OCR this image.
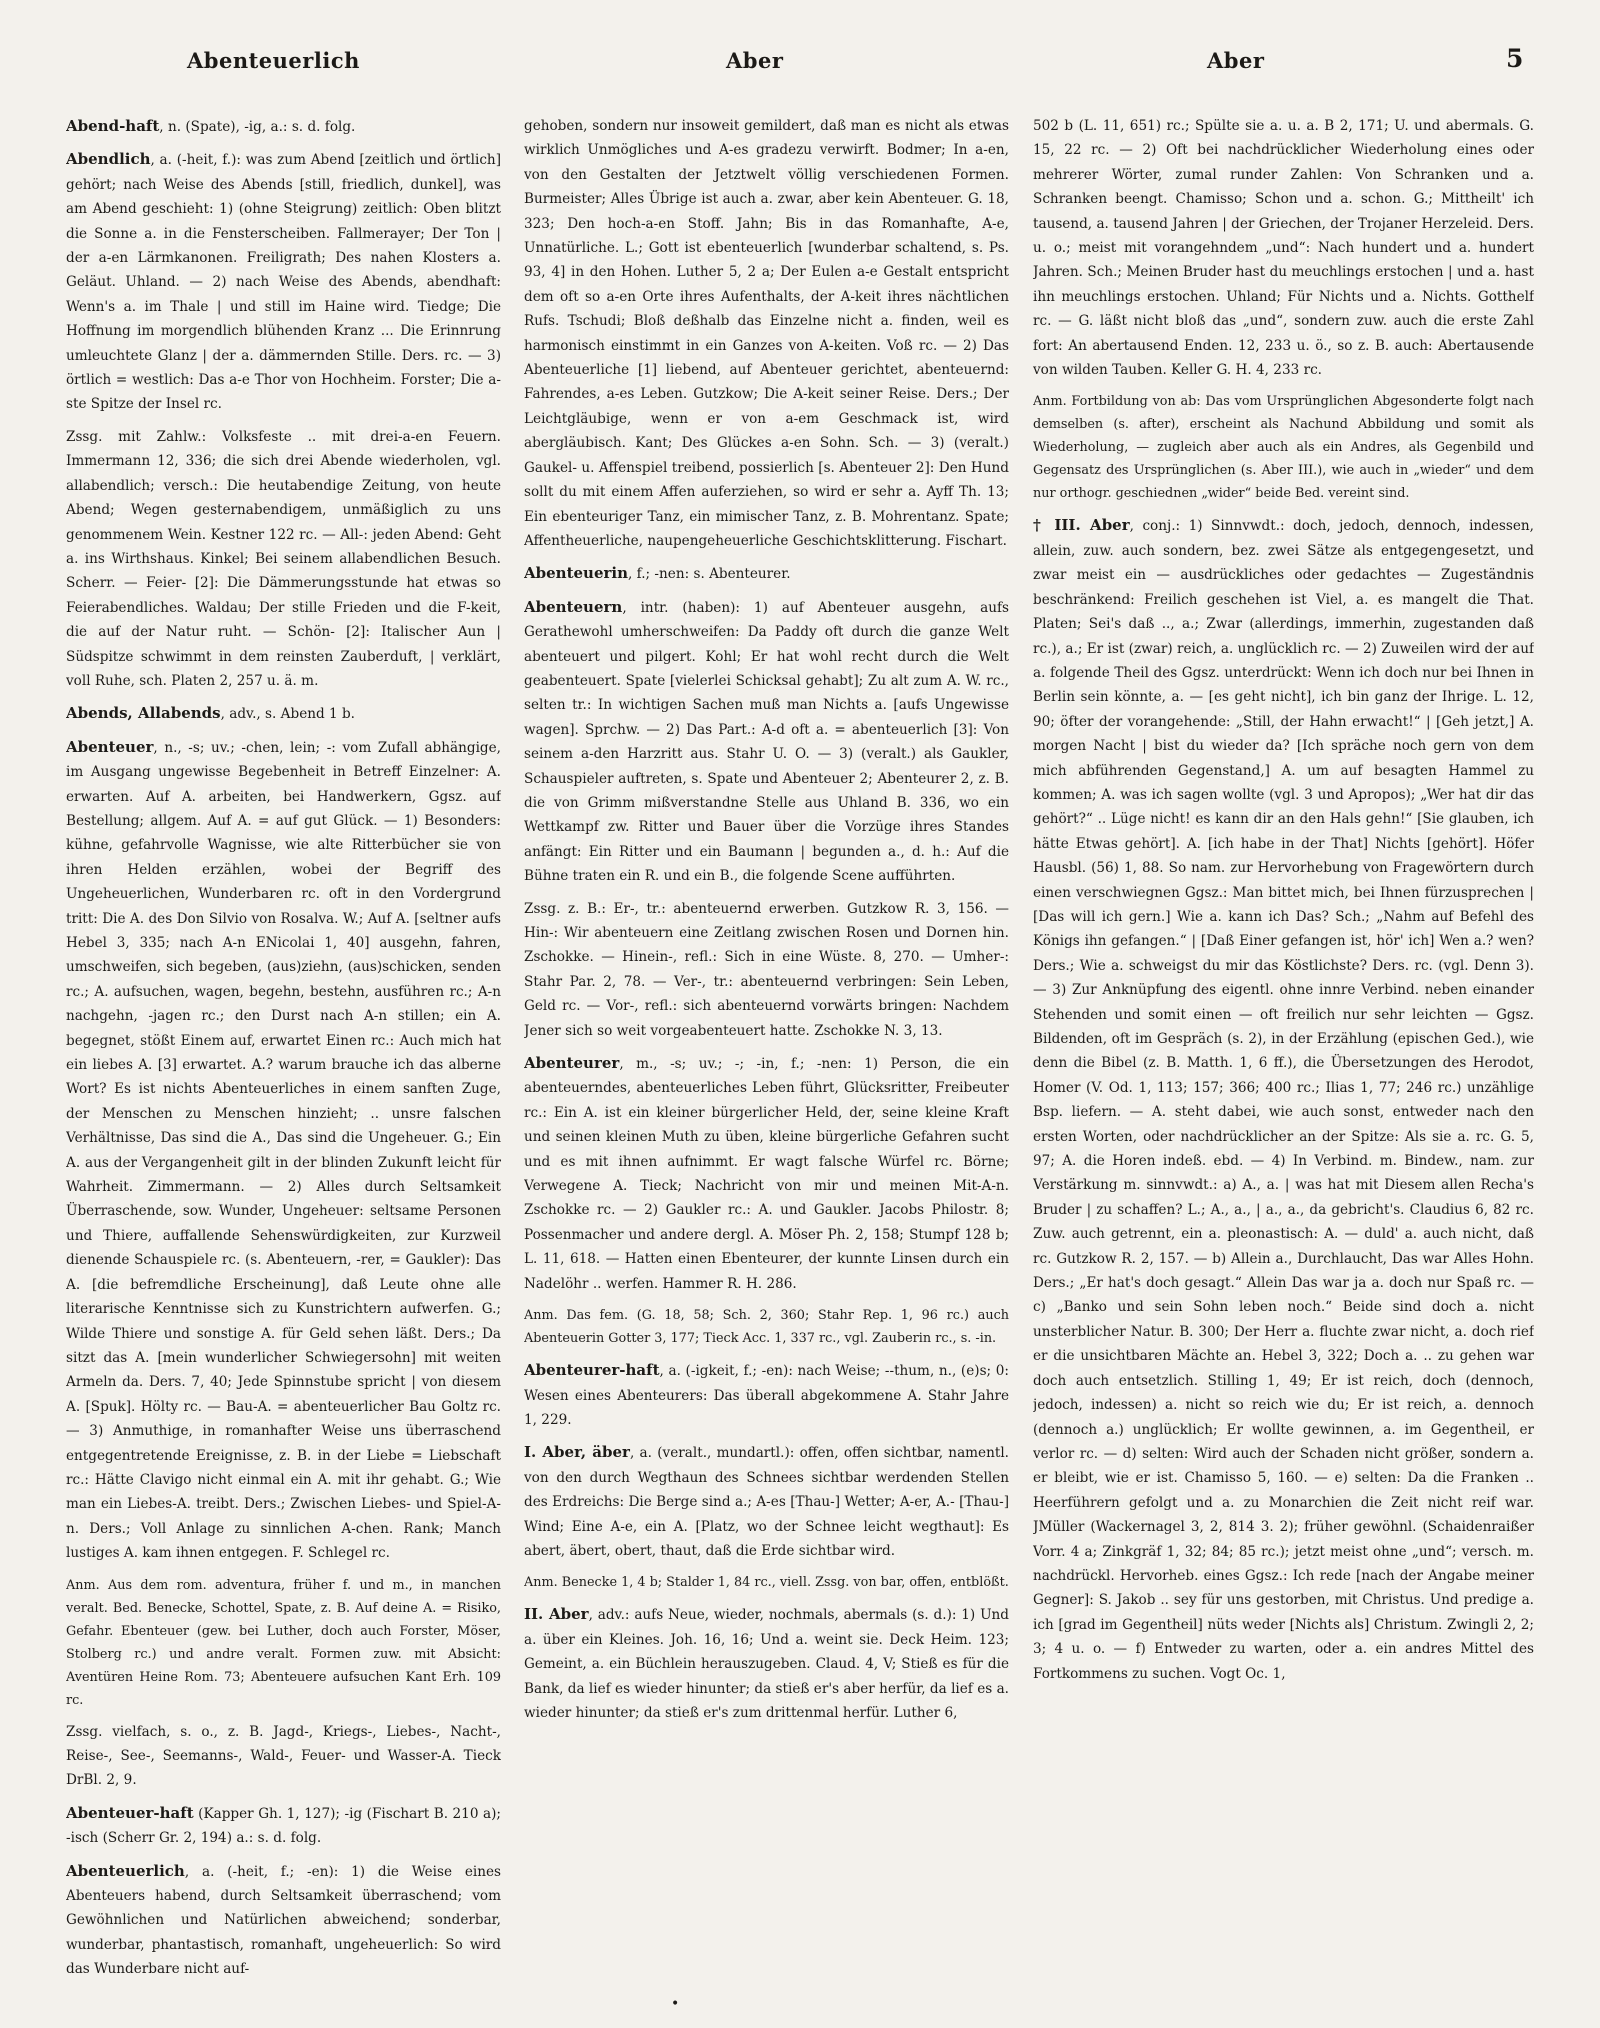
Abenteuerlich	Aber	Aber	5

Abend-haft, n. (Spate), -ig, a.: s. d. folg.

Abendlich, a. (-heit, f.): was zum Abend [zeitlich und örtlich] gehört; nach Weise des Abends [still, friedlich, dunkel], was am Abend geschieht: 1) (ohne Steigrung) zeitlich: Oben blitzt die Sonne a. in die Fensterscheiben. Fallmerayer; Der Ton | der a-en Lärmkanonen. Freiligrath; Des nahen Klosters a. Geläut. Uhland. — 2) nach Weise des Abends, abendhaft: Wenn's a. im Thale | und still im Haine wird. Tiedge; Die Hoffnung im morgendlich blühenden Kranz ... Die Erinnrung umleuchtete Glanz | der a. dämmernden Stille. Ders. rc. — 3) örtlich = westlich: Das a-e Thor von Hochheim. Forster; Die a-ste Spitze der Insel rc.

Zssg. mit Zahlw.: Volksfeste .. mit drei-a-en Feuern. Immermann 12, 336; die sich drei Abende wiederholen, vgl. allabendlich; versch.: Die heutabendige Zeitung, von heute Abend; Wegen gesternabendigem, unmäßiglich zu uns genommenem Wein. Kestner 122 rc. — All-: jeden Abend: Geht a. ins Wirthshaus. Kinkel; Bei seinem allabendlichen Besuch. Scherr. — Feier- [2]: Die Dämmerungsstunde hat etwas so Feierabendliches. Waldau; Der stille Frieden und die F-keit, die auf der Natur ruht. — Schön- [2]: Italischer Aun | Südspitze schwimmt in dem reinsten Zauberduft, | verklärt, voll Ruhe, sch. Platen 2, 257 u. ä. m.

Abends, Allabends, adv., s. Abend 1 b.

Abenteuer, n., -s; uv.; -chen, lein; -: vom Zufall abhängige, im Ausgang ungewisse Begebenheit in Betreff Einzelner: A. erwarten. Auf A. arbeiten, bei Handwerkern, Ggsz. auf Bestellung; allgem. Auf A. = auf gut Glück. — 1) Besonders: kühne, gefahrvolle Wagnisse, wie alte Ritterbücher sie von ihren Helden erzählen, wobei der Begriff des Ungeheuerlichen, Wunderbaren rc. oft in den Vordergrund tritt: Die A. des Don Silvio von Rosalva. W.; Auf A. [seltner aufs Hebel 3, 335; nach A-n ENicolai 1, 40] ausgehn, fahren, umschweifen, sich begeben, (aus)ziehn, (aus)schicken, senden rc.; A. aufsuchen, wagen, begehn, bestehn, ausführen rc.; A-n nachgehn, -jagen rc.; den Durst nach A-n stillen; ein A. begegnet, stößt Einem auf, erwartet Einen rc.: Auch mich hat ein liebes A. [3] erwartet. A.? warum brauche ich das alberne Wort? Es ist nichts Abenteuerliches in einem sanften Zuge, der Menschen zu Menschen hinzieht; .. unsre falschen Verhältnisse, Das sind die A., Das sind die Ungeheuer. G.; Ein A. aus der Vergangenheit gilt in der blinden Zukunft leicht für Wahrheit. Zimmermann. — 2) Alles durch Seltsamkeit Überraschende, sow. Wunder, Ungeheuer: seltsame Personen und Thiere, auffallende Sehenswürdigkeiten, zur Kurzweil dienende Schauspiele rc. (s. Abenteuern, -rer, = Gaukler): Das A. [die befremdliche Erscheinung], daß Leute ohne alle literarische Kenntnisse sich zu Kunstrichtern aufwerfen. G.; Wilde Thiere und sonstige A. für Geld sehen läßt. Ders.; Da sitzt das A. [mein wunderlicher Schwiegersohn] mit weiten Armeln da. Ders. 7, 40; Jede Spinnstube spricht | von diesem A. [Spuk]. Hölty rc. — Bau-A. = abenteuerlicher Bau Goltz rc. — 3) Anmuthige, in romanhafter Weise uns überraschend entgegentretende Ereignisse, z. B. in der Liebe = Liebschaft rc.: Hätte Clavigo nicht einmal ein A. mit ihr gehabt. G.; Wie man ein Liebes-A. treibt. Ders.; Zwischen Liebes- und Spiel-A-n. Ders.; Voll Anlage zu sinnlichen A-chen. Rank; Manch lustiges A. kam ihnen entgegen. F. Schlegel rc.

Anm. Aus dem rom. adventura, früher f. und m., in manchen veralt. Bed. Benecke, Schottel, Spate, z. B. Auf deine A. = Risiko, Gefahr. Ebenteuer (gew. bei Luther, doch auch Forster, Möser, Stolberg rc.) und andre veralt. Formen zuw. mit Absicht: Aventüren Heine Rom. 73; Abenteuere aufsuchen Kant Erh. 109 rc.

Zssg. vielfach, s. o., z. B. Jagd-, Kriegs-, Liebes-, Nacht-, Reise-, See-, Seemanns-, Wald-, Feuer- und Wasser-A. Tieck DrBl. 2, 9.

Abenteuer-haft (Kapper Gh. 1, 127); -ig (Fischart B. 210 a); -isch (Scherr Gr. 2, 194) a.: s. d. folg.

Abenteuerlich, a. (-heit, f.; -en): 1) die Weise eines Abenteuers habend, durch Seltsamkeit überraschend; vom Gewöhnlichen und Natürlichen abweichend; sonderbar, wunderbar, phantastisch, romanhaft, ungeheuerlich: So wird das Wunderbare nicht auf-

gehoben, sondern nur insoweit gemildert, daß man es nicht als etwas wirklich Unmögliches und A-es gradezu verwirft. Bodmer; In a-en, von den Gestalten der Jetztwelt völlig verschiedenen Formen. Burmeister; Alles Übrige ist auch a. zwar, aber kein Abenteuer. G. 18, 323; Den hoch-a-en Stoff. Jahn; Bis in das Romanhafte, A-e, Unnatürliche. L.; Gott ist ebenteuerlich [wunderbar schaltend, s. Ps. 93, 4] in den Hohen. Luther 5, 2 a; Der Eulen a-e Gestalt entspricht dem oft so a-en Orte ihres Aufenthalts, der A-keit ihres nächtlichen Rufs. Tschudi; Bloß deßhalb das Einzelne nicht a. finden, weil es harmonisch einstimmt in ein Ganzes von A-keiten. Voß rc. — 2) Das Abenteuerliche [1] liebend, auf Abenteuer gerichtet, abenteuernd: Fahrendes, a-es Leben. Gutzkow; Die A-keit seiner Reise. Ders.; Der Leichtgläubige, wenn er von a-em Geschmack ist, wird abergläubisch. Kant; Des Glückes a-en Sohn. Sch. — 3) (veralt.) Gaukel- u. Affenspiel treibend, possierlich [s. Abenteuer 2]: Den Hund sollt du mit einem Affen auferziehen, so wird er sehr a. Ayff Th. 13; Ein ebenteuriger Tanz, ein mimischer Tanz, z. B. Mohrentanz. Spate; Affentheuerliche, naupengeheuerliche Geschichtsklitterung. Fischart.

Abenteuerin, f.; -nen: s. Abenteurer.

Abenteuern, intr. (haben): 1) auf Abenteuer ausgehn, aufs Gerathewohl umherschweifen: Da Paddy oft durch die ganze Welt abenteuert und pilgert. Kohl; Er hat wohl recht durch die Welt geabenteuert. Spate [vielerlei Schicksal gehabt]; Zu alt zum A. W. rc., selten tr.: In wichtigen Sachen muß man Nichts a. [aufs Ungewisse wagen]. Sprchw. — 2) Das Part.: A-d oft a. = abenteuerlich [3]: Von seinem a-den Harzritt aus. Stahr U. O. — 3) (veralt.) als Gaukler, Schauspieler auftreten, s. Spate und Abenteuer 2; Abenteurer 2, z. B. die von Grimm mißverstandne Stelle aus Uhland B. 336, wo ein Wettkampf zw. Ritter und Bauer über die Vorzüge ihres Standes anfängt: Ein Ritter und ein Baumann | begunden a., d. h.: Auf die Bühne traten ein R. und ein B., die folgende Scene aufführten.

Zssg. z. B.: Er-, tr.: abenteuernd erwerben. Gutzkow R. 3, 156. — Hin-: Wir abenteuern eine Zeitlang zwischen Rosen und Dornen hin. Zschokke. — Hinein-, refl.: Sich in eine Wüste. 8, 270. — Umher-: Stahr Par. 2, 78. — Ver-, tr.: abenteuernd verbringen: Sein Leben, Geld rc. — Vor-, refl.: sich abenteuernd vorwärts bringen: Nachdem Jener sich so weit vorgeabenteuert hatte. Zschokke N. 3, 13.

Abenteurer, m., -s; uv.; -; -in, f.; -nen: 1) Person, die ein abenteuerndes, abenteuerliches Leben führt, Glücksritter, Freibeuter rc.: Ein A. ist ein kleiner bürgerlicher Held, der, seine kleine Kraft und seinen kleinen Muth zu üben, kleine bürgerliche Gefahren sucht und es mit ihnen aufnimmt. Er wagt falsche Würfel rc. Börne; Verwegene A. Tieck; Nachricht von mir und meinen Mit-A-n. Zschokke rc. — 2) Gaukler rc.: A. und Gaukler. Jacobs Philostr. 8; Possenmacher und andere dergl. A. Möser Ph. 2, 158; Stumpf 128 b; L. 11, 618. — Hatten einen Ebenteurer, der kunnte Linsen durch ein Nadelöhr .. werfen. Hammer R. H. 286.

Anm. Das fem. (G. 18, 58; Sch. 2, 360; Stahr Rep. 1, 96 rc.) auch Abenteuerin Gotter 3, 177; Tieck Acc. 1, 337 rc., vgl. Zauberin rc., s. -in.

Abenteurer-haft, a. (-igkeit, f.; -en): nach Weise; --thum, n., (e)s; 0: Wesen eines Abenteurers: Das überall abgekommene A. Stahr Jahre 1, 229.

I. Aber, äber, a. (veralt., mundartl.): offen, offen sichtbar, namentl. von den durch Wegthaun des Schnees sichtbar werdenden Stellen des Erdreichs: Die Berge sind a.; A-es [Thau-] Wetter; A-er, A.- [Thau-] Wind; Eine A-e, ein A. [Platz, wo der Schnee leicht wegthaut]: Es abert, äbert, obert, thaut, daß die Erde sichtbar wird.

Anm. Benecke 1, 4 b; Stalder 1, 84 rc., viell. Zssg. von bar, offen, entblößt.

II. Aber, adv.: aufs Neue, wieder, nochmals, abermals (s. d.): 1) Und a. über ein Kleines. Joh. 16, 16; Und a. weint sie. Deck Heim. 123; Gemeint, a. ein Büchlein herauszugeben. Claud. 4, V; Stieß es für die Bank, da lief es wieder hinunter; da stieß er's aber herfür, da lief es a. wieder hinunter; da stieß er's zum drittenmal herfür. Luther 6,

502 b (L. 11, 651) rc.; Spülte sie a. u. a. B 2, 171; U. und abermals. G. 15, 22 rc. — 2) Oft bei nachdrücklicher Wiederholung eines oder mehrerer Wörter, zumal runder Zahlen: Von Schranken und a. Schranken beengt. Chamisso; Schon und a. schon. G.; Mittheilt' ich tausend, a. tausend Jahren | der Griechen, der Trojaner Herzeleid. Ders. u. o.; meist mit vorangehndem „und“: Nach hundert und a. hundert Jahren. Sch.; Meinen Bruder hast du meuchlings erstochen | und a. hast ihn meuchlings erstochen. Uhland; Für Nichts und a. Nichts. Gotthelf rc. — G. läßt nicht bloß das „und“, sondern zuw. auch die erste Zahl fort: An abertausend Enden. 12, 233 u. ö., so z. B. auch: Abertausende von wilden Tauben. Keller G. H. 4, 233 rc.

Anm. Fortbildung von ab: Das vom Ursprünglichen Abgesonderte folgt nach demselben (s. after), erscheint als Nachund Abbildung und somit als Wiederholung, — zugleich aber auch als ein Andres, als Gegenbild und Gegensatz des Ursprünglichen (s. Aber III.), wie auch in „wieder“ und dem nur orthogr. geschiednen „wider“ beide Bed. vereint sind.

† III. Aber, conj.: 1) Sinnvwdt.: doch, jedoch, dennoch, indessen, allein, zuw. auch sondern, bez. zwei Sätze als entgegengesetzt, und zwar meist ein — ausdrückliches oder gedachtes — Zugeständnis beschränkend: Freilich geschehen ist Viel, a. es mangelt die That. Platen; Sei's daß .., a.; Zwar (allerdings, immerhin, zugestanden daß rc.), a.; Er ist (zwar) reich, a. unglücklich rc. — 2) Zuweilen wird der auf a. folgende Theil des Ggsz. unterdrückt: Wenn ich doch nur bei Ihnen in Berlin sein könnte, a. — [es geht nicht], ich bin ganz der Ihrige. L. 12, 90; öfter der vorangehende: „Still, der Hahn erwacht!“ | [Geh jetzt,] A. morgen Nacht | bist du wieder da? [Ich spräche noch gern von dem mich abführenden Gegenstand,] A. um auf besagten Hammel zu kommen; A. was ich sagen wollte (vgl. 3 und Apropos); „Wer hat dir das gehört?“ .. Lüge nicht! es kann dir an den Hals gehn!“ [Sie glauben, ich hätte Etwas gehört]. A. [ich habe in der That] Nichts [gehört]. Höfer Hausbl. (56) 1, 88. So nam. zur Hervorhebung von Fragewörtern durch einen verschwiegnen Ggsz.: Man bittet mich, bei Ihnen fürzusprechen | [Das will ich gern.] Wie a. kann ich Das? Sch.; „Nahm auf Befehl des Königs ihn gefangen.“ | [Daß Einer gefangen ist, hör' ich] Wen a.? wen? Ders.; Wie a. schweigst du mir das Köstlichste? Ders. rc. (vgl. Denn 3). — 3) Zur Anknüpfung des eigentl. ohne innre Verbind. neben einander Stehenden und somit einen — oft freilich nur sehr leichten — Ggsz. Bildenden, oft im Gespräch (s. 2), in der Erzählung (epischen Ged.), wie denn die Bibel (z. B. Matth. 1, 6 ff.), die Übersetzungen des Herodot, Homer (V. Od. 1, 113; 157; 366; 400 rc.; Ilias 1, 77; 246 rc.) unzählige Bsp. liefern. — A. steht dabei, wie auch sonst, entweder nach den ersten Worten, oder nachdrücklicher an der Spitze: Als sie a. rc. G. 5, 97; A. die Horen indeß. ebd. — 4) In Verbind. m. Bindew., nam. zur Verstärkung m. sinnvwdt.: a) A., a. | was hat mit Diesem allen Recha's Bruder | zu schaffen? L.; A., a., | a., a., da gebricht's. Claudius 6, 82 rc. Zuw. auch getrennt, ein a. pleonastisch: A. — duld' a. auch nicht, daß rc. Gutzkow R. 2, 157. — b) Allein a., Durchlaucht, Das war Alles Hohn. Ders.; „Er hat's doch gesagt.“ Allein Das war ja a. doch nur Spaß rc. — c) „Banko und sein Sohn leben noch.“ Beide sind doch a. nicht unsterblicher Natur. B. 300; Der Herr a. fluchte zwar nicht, a. doch rief er die unsichtbaren Mächte an. Hebel 3, 322; Doch a. .. zu gehen war doch auch entsetzlich. Stilling 1, 49; Er ist reich, doch (dennoch, jedoch, indessen) a. nicht so reich wie du; Er ist reich, a. dennoch (dennoch a.) unglücklich; Er wollte gewinnen, a. im Gegentheil, er verlor rc. — d) selten: Wird auch der Schaden nicht größer, sondern a. er bleibt, wie er ist. Chamisso 5, 160. — e) selten: Da die Franken .. Heerführern gefolgt und a. zu Monarchien die Zeit nicht reif war. JMüller (Wackernagel 3, 2, 814 3. 2); früher gewöhnl. (Schaidenraißer Vorr. 4 a; Zinkgräf 1, 32; 84; 85 rc.); jetzt meist ohne „und“; versch. m. nachdrückl. Hervorheb. eines Ggsz.: Ich rede [nach der Angabe meiner Gegner]: S. Jakob .. sey für uns gestorben, mit Christus. Und predige a. ich [grad im Gegentheil] nüts weder [Nichts als] Christum. Zwingli 2, 2; 3; 4 u. o. — f) Entweder zu warten, oder a. ein andres Mittel des Fortkommens zu suchen. Vogt Oc. 1,

•
